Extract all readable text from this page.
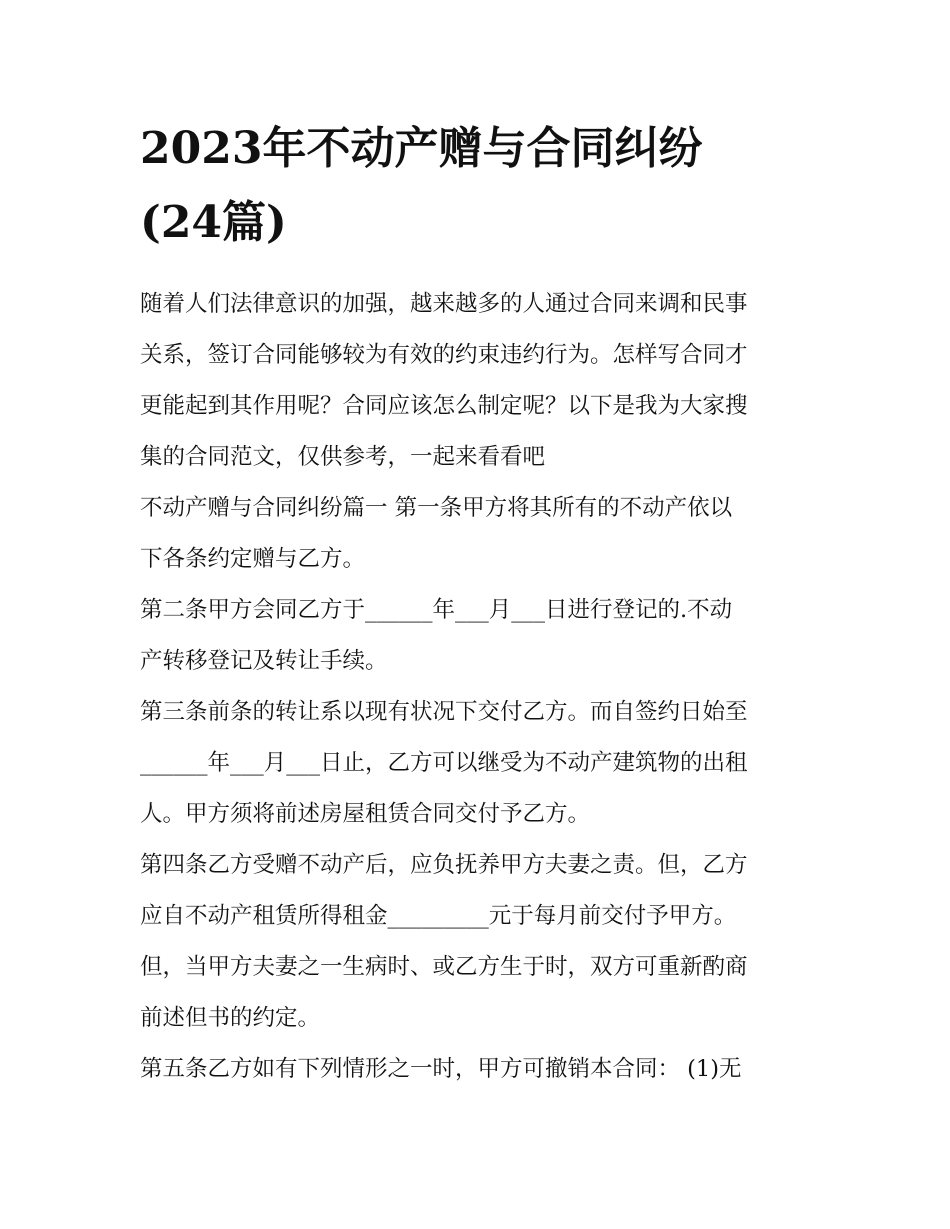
2023年不动产赠与合同纠纷
(24篇)
随着人们法律意识的加强，越来越多的人通过合同来调和民事
关系，签订合同能够较为有效的约束违约行为。怎样写合同才
更能起到其作用呢？合同应该怎么制定呢？以下是我为大家搜
集的合同范文，仅供参考，一起来看看吧
不动产赠与合同纠纷篇一 第一条甲方将其所有的不动产依以
下各条约定赠与乙方。
第二条甲方会同乙方于______年___月___日进行登记的.不动
产转移登记及转让手续。
第三条前条的转让系以现有状况下交付乙方。而自签约日始至
______年___月___日止，乙方可以继受为不动产建筑物的出租
人。甲方须将前述房屋租赁合同交付予乙方。
第四条乙方受赠不动产后，应负抚养甲方夫妻之责。但，乙方
应自不动产租赁所得租金_________元于每月前交付予甲方。
但，当甲方夫妻之一生病时、或乙方生于时，双方可重新酌商
前述但书的约定。
第五条乙方如有下列情形之一时，甲方可撤销本合同： (1)无
